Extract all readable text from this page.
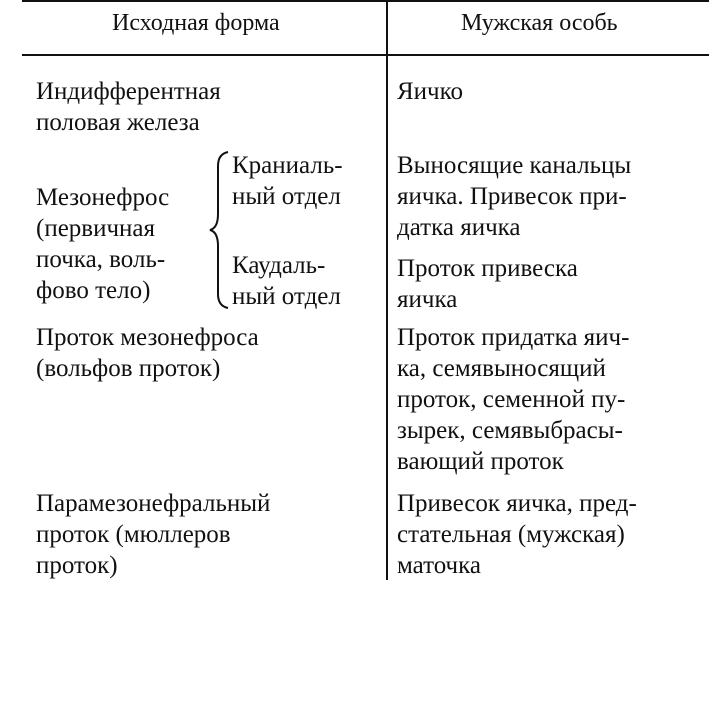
Исходная форма	Мужская особь
Индифферентная
половая железа
Яичко
Мезонефрос
(первичная
почка, воль-
фово тело)
Краниаль-
ный отдел
Каудаль-
ный отдел
Выносящие канальцы
яичка. Привесок при-
датка яичка
Проток привеска
яичка
Проток мезонефроса
(вольфов проток)
Проток придатка яич-
ка, семявыносящий
проток, семенной пу-
зырек, семявыбрасы-
вающий проток
Парамезонефральный
проток (мюллеров
проток)
Привесок яичка, пред-
стательная (мужская)
маточка
